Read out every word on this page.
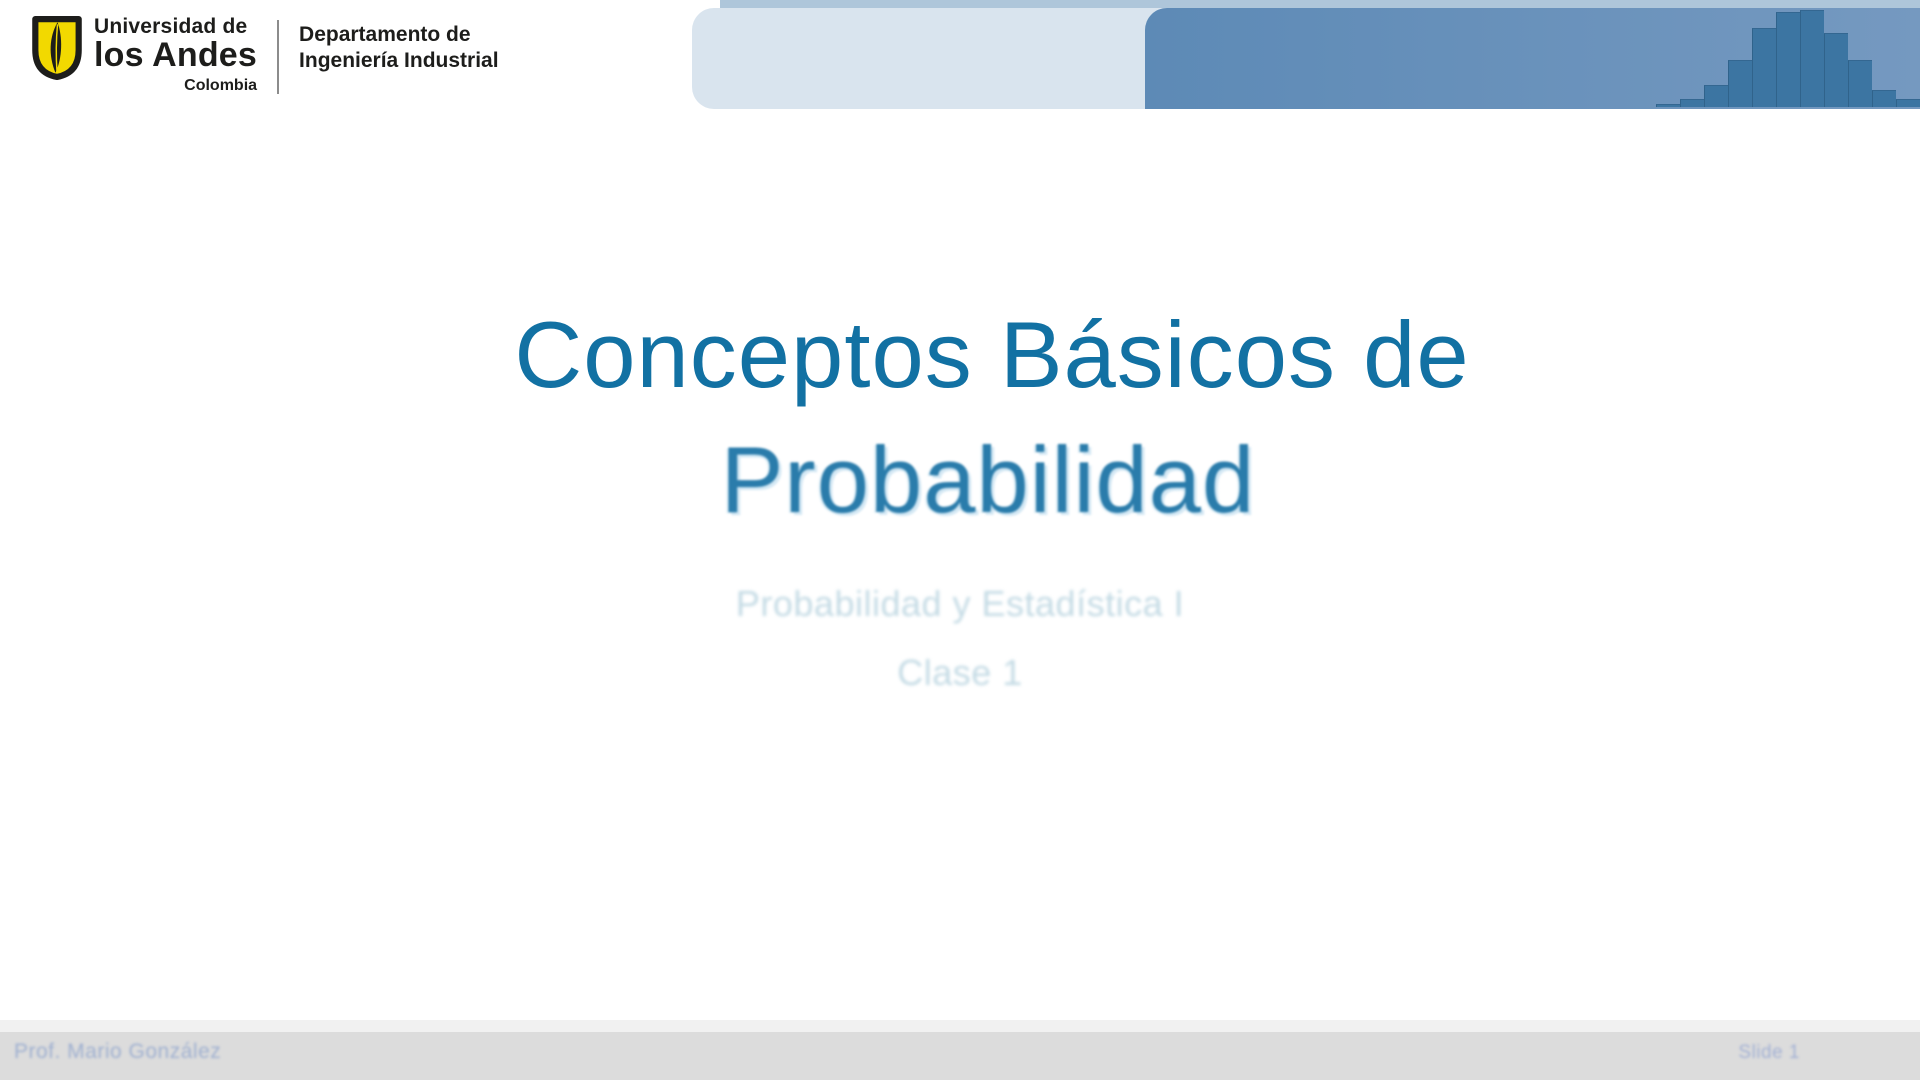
Universidad de
los Andes
Colombia
Departamento de
Ingeniería Industrial
Conceptos Básicos de
Probabilidad
Probabilidad y Estadística I
Clase 1
Prof. Mario González	Slide 1
